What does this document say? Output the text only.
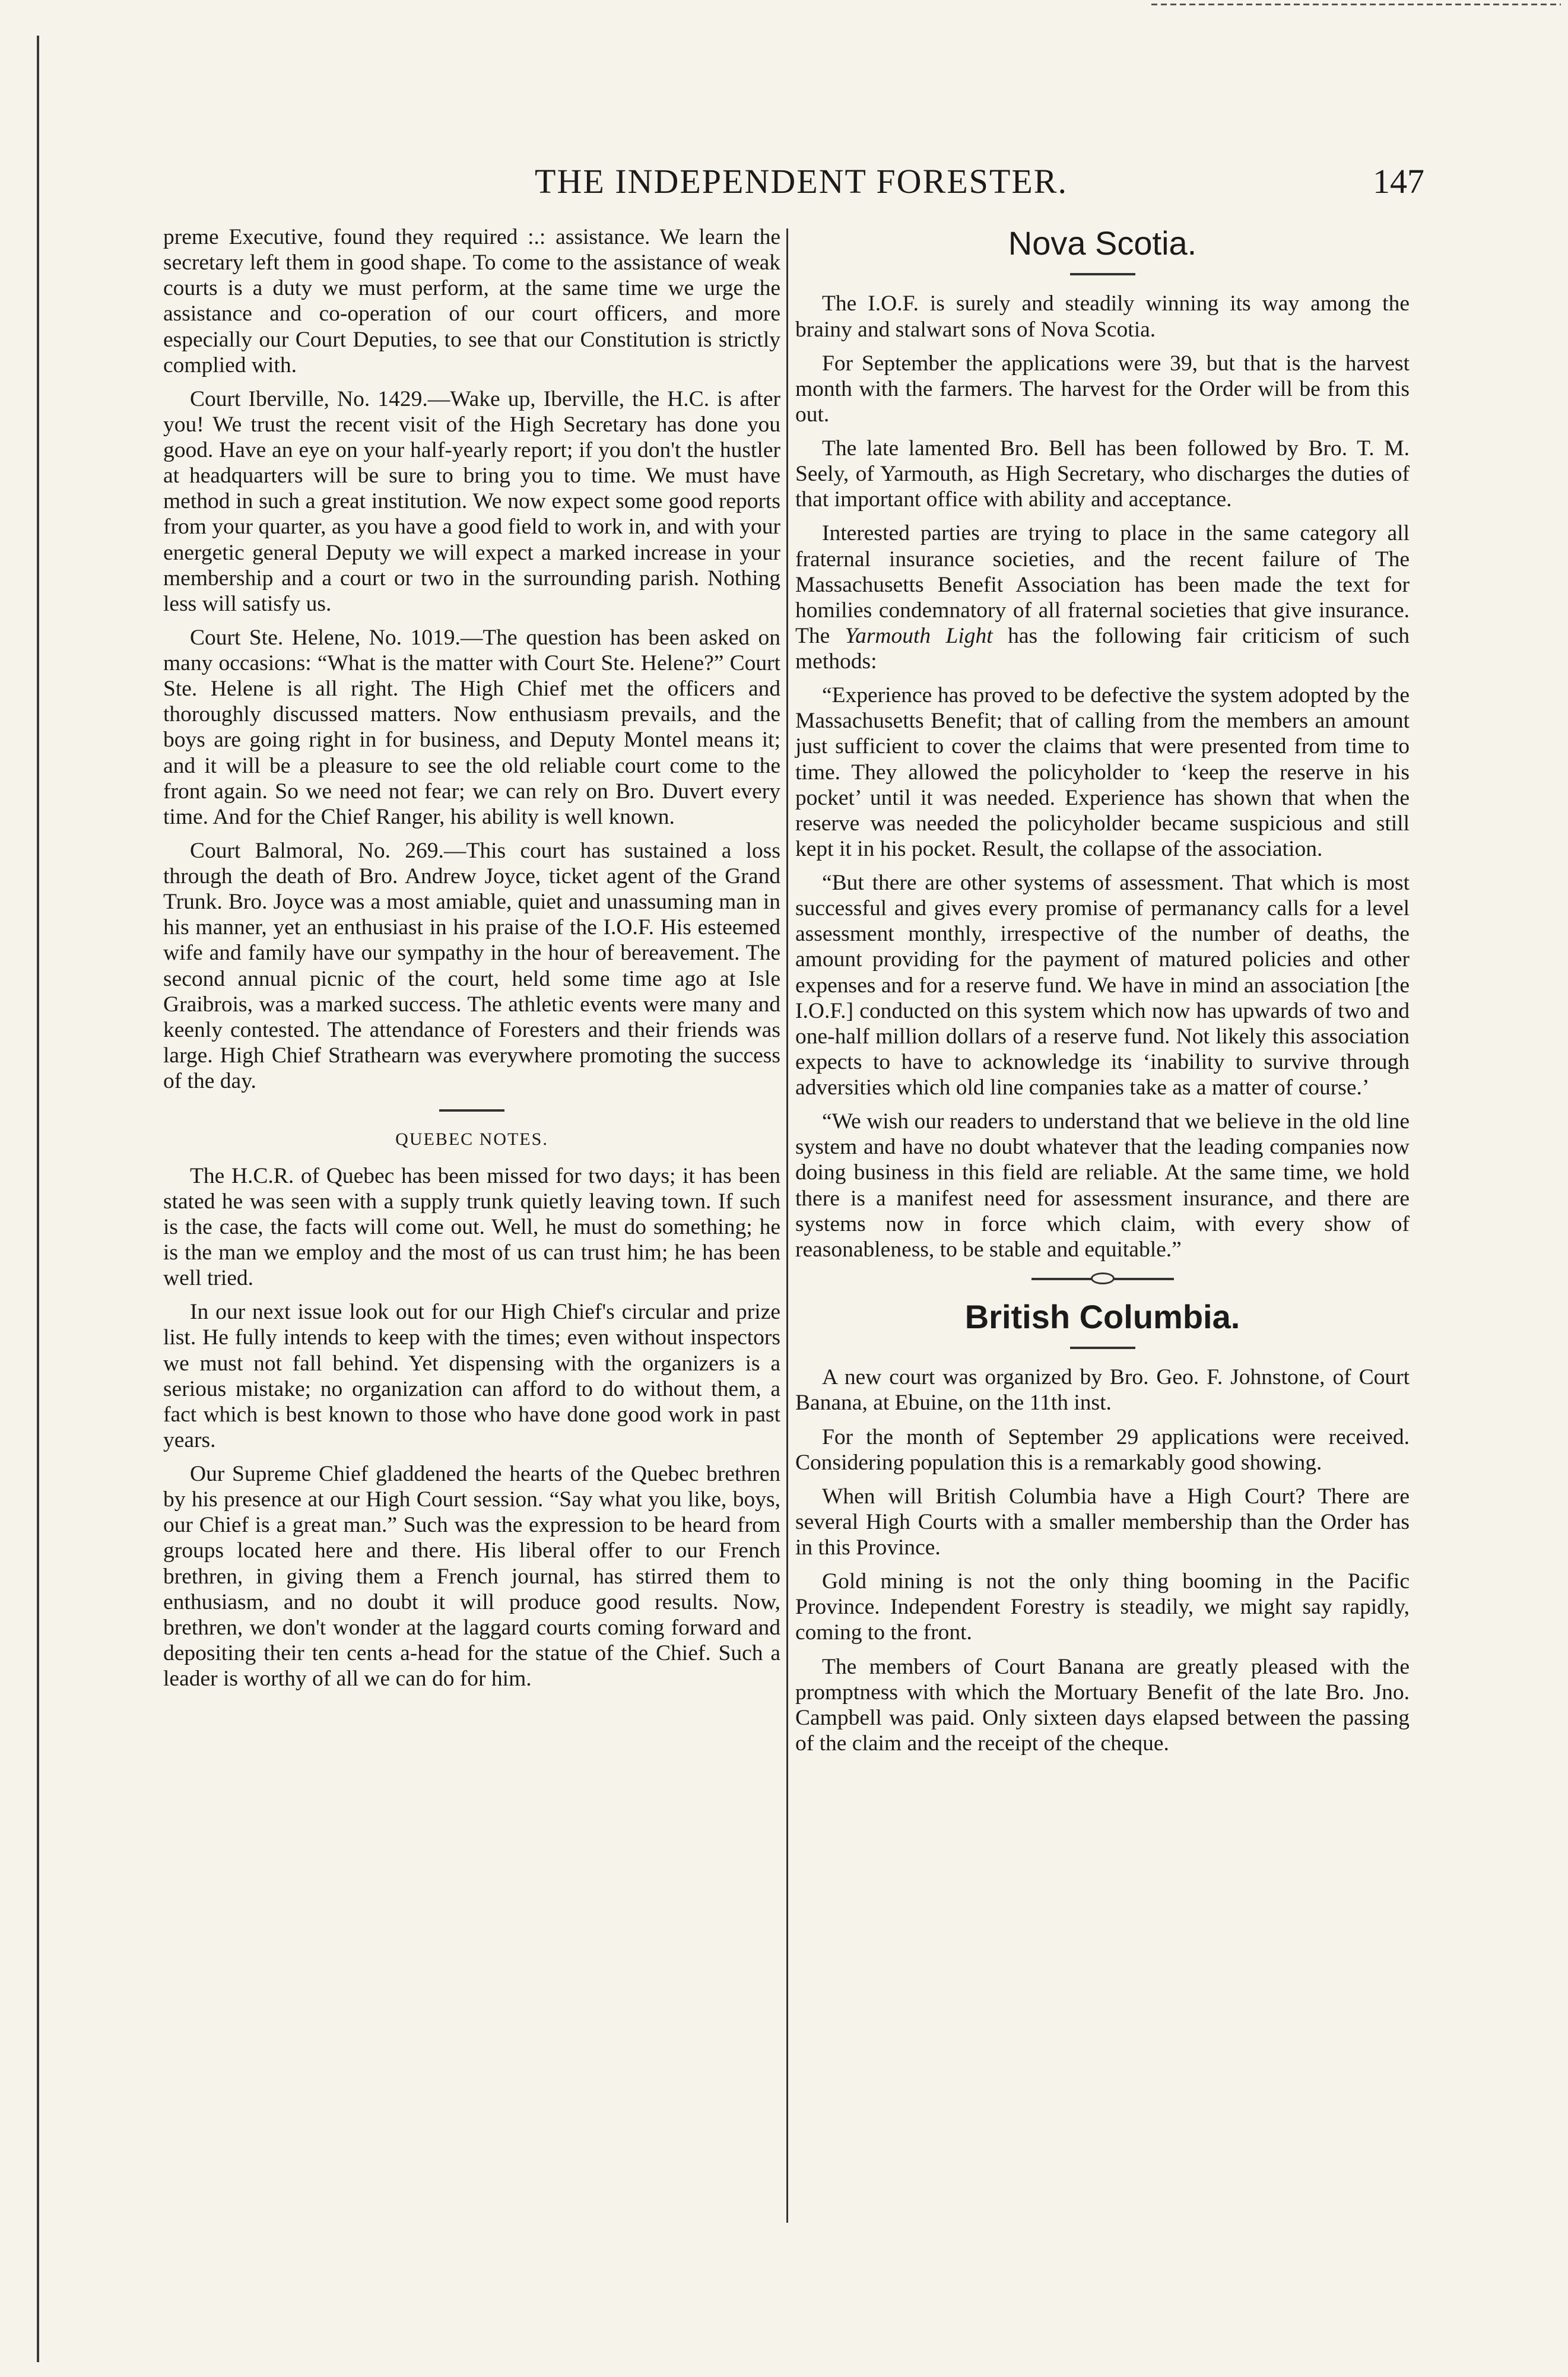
THE INDEPENDENT FORESTER.	147

preme Executive, found they required :.: assistance. We learn the secretary left them in good shape. To come to the assistance of weak courts is a duty we must perform, at the same time we urge the assistance and co-operation of our court officers, and more especially our Court Deputies, to see that our Constitution is strictly complied with.

Court Iberville, No. 1429.—Wake up, Iberville, the H.C. is after you! We trust the recent visit of the High Secretary has done you good. Have an eye on your half-yearly report; if you don't the hustler at headquarters will be sure to bring you to time. We must have method in such a great institution. We now expect some good reports from your quarter, as you have a good field to work in, and with your energetic general Deputy we will expect a marked increase in your membership and a court or two in the surrounding parish. Nothing less will satisfy us.

Court Ste. Helene, No. 1019.—The question has been asked on many occasions: “What is the matter with Court Ste. Helene?” Court Ste. Helene is all right. The High Chief met the officers and thoroughly discussed matters. Now enthusiasm prevails, and the boys are going right in for business, and Deputy Montel means it; and it will be a pleasure to see the old reliable court come to the front again. So we need not fear; we can rely on Bro. Duvert every time. And for the Chief Ranger, his ability is well known.

Court Balmoral, No. 269.—This court has sustained a loss through the death of Bro. Andrew Joyce, ticket agent of the Grand Trunk. Bro. Joyce was a most amiable, quiet and unassuming man in his manner, yet an enthusiast in his praise of the I.O.F. His esteemed wife and family have our sympathy in the hour of bereavement. The second annual picnic of the court, held some time ago at Isle Graibrois, was a marked success. The athletic events were many and keenly contested. The attendance of Foresters and their friends was large. High Chief Strathearn was everywhere promoting the success of the day.

QUEBEC NOTES.

The H.C.R. of Quebec has been missed for two days; it has been stated he was seen with a supply trunk quietly leaving town. If such is the case, the facts will come out. Well, he must do something; he is the man we employ and the most of us can trust him; he has been well tried.

In our next issue look out for our High Chief's circular and prize list. He fully intends to keep with the times; even without inspectors we must not fall behind. Yet dispensing with the organizers is a serious mistake; no organization can afford to do without them, a fact which is best known to those who have done good work in past years.

Our Supreme Chief gladdened the hearts of the Quebec brethren by his presence at our High Court session. “Say what you like, boys, our Chief is a great man.” Such was the expression to be heard from groups located here and there. His liberal offer to our French brethren, in giving them a French journal, has stirred them to enthusiasm, and no doubt it will produce good results. Now, brethren, we don't wonder at the laggard courts coming forward and depositing their ten cents a-head for the statue of the Chief. Such a leader is worthy of all we can do for him.

Nova Scotia.

The I.O.F. is surely and steadily winning its way among the brainy and stalwart sons of Nova Scotia.

For September the applications were 39, but that is the harvest month with the farmers. The harvest for the Order will be from this out.

The late lamented Bro. Bell has been followed by Bro. T. M. Seely, of Yarmouth, as High Secretary, who discharges the duties of that important office with ability and acceptance.

Interested parties are trying to place in the same category all fraternal insurance societies, and the recent failure of The Massachusetts Benefit Association has been made the text for homilies condemnatory of all fraternal societies that give insurance. The Yarmouth Light has the following fair criticism of such methods:

“Experience has proved to be defective the system adopted by the Massachusetts Benefit; that of calling from the members an amount just sufficient to cover the claims that were presented from time to time. They allowed the policyholder to ‘keep the reserve in his pocket’ until it was needed. Experience has shown that when the reserve was needed the policyholder became suspicious and still kept it in his pocket. Result, the collapse of the association.

“But there are other systems of assessment. That which is most successful and gives every promise of permanancy calls for a level assessment monthly, irrespective of the number of deaths, the amount providing for the payment of matured policies and other expenses and for a reserve fund. We have in mind an association [the I.O.F.] conducted on this system which now has upwards of two and one-half million dollars of a reserve fund. Not likely this association expects to have to acknowledge its ‘inability to survive through adversities which old line companies take as a matter of course.’

“We wish our readers to understand that we believe in the old line system and have no doubt whatever that the leading companies now doing business in this field are reliable. At the same time, we hold there is a manifest need for assessment insurance, and there are systems now in force which claim, with every show of reasonableness, to be stable and equitable.”

British Columbia.

A new court was organized by Bro. Geo. F. Johnstone, of Court Banana, at Ebuine, on the 11th inst.

For the month of September 29 applications were received. Considering population this is a remarkably good showing.

When will British Columbia have a High Court? There are several High Courts with a smaller membership than the Order has in this Province.

Gold mining is not the only thing booming in the Pacific Province. Independent Forestry is steadily, we might say rapidly, coming to the front.

The members of Court Banana are greatly pleased with the promptness with which the Mortuary Benefit of the late Bro. Jno. Campbell was paid. Only sixteen days elapsed between the passing of the claim and the receipt of the cheque.
